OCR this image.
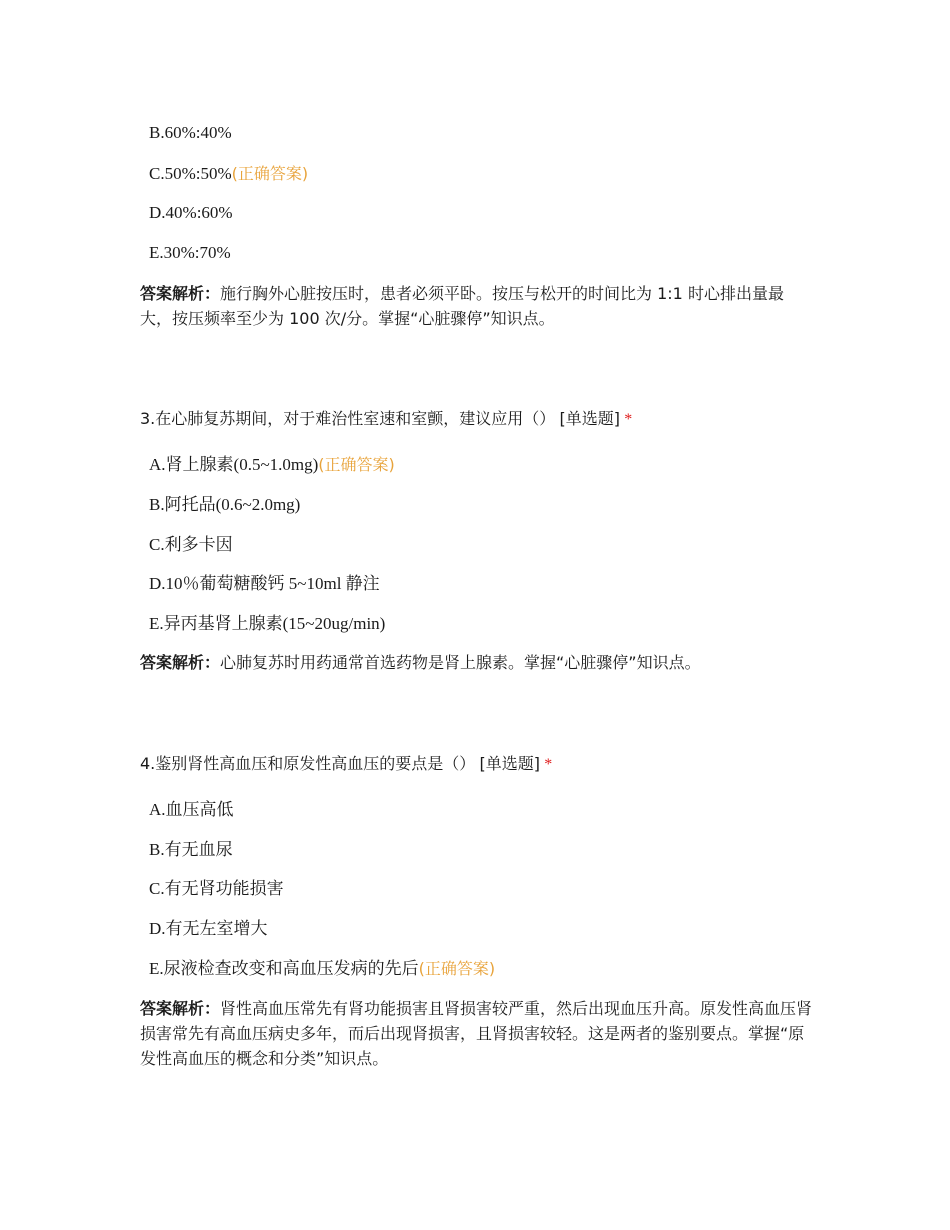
B.60%:40%
C.50%:50%(正确答案)
D.40%:60%
E.30%:70%
答案解析：施行胸外心脏按压时，患者必须平卧。按压与松开的时间比为 1:1 时心排出量最大，按压频率至少为 100 次/分。掌握“心脏骤停”知识点。
3.在心肺复苏期间，对于难治性室速和室颤，建议应用（） [单选题] *
A.肾上腺素(0.5~1.0mg)(正确答案)
B.阿托品(0.6~2.0mg)
C.利多卡因
D.10％葡萄糖酸钙 5~10ml 静注
E.异丙基肾上腺素(15~20ug/min)
答案解析：心肺复苏时用药通常首选药物是肾上腺素。掌握“心脏骤停”知识点。
4.鉴别肾性高血压和原发性高血压的要点是（） [单选题] *
A.血压高低
B.有无血尿
C.有无肾功能损害
D.有无左室增大
E.尿液检查改变和高血压发病的先后(正确答案)
答案解析：肾性高血压常先有肾功能损害且肾损害较严重，然后出现血压升高。原发性高血压肾损害常先有高血压病史多年，而后出现肾损害，且肾损害较轻。这是两者的鉴别要点。掌握“原发性高血压的概念和分类”知识点。
